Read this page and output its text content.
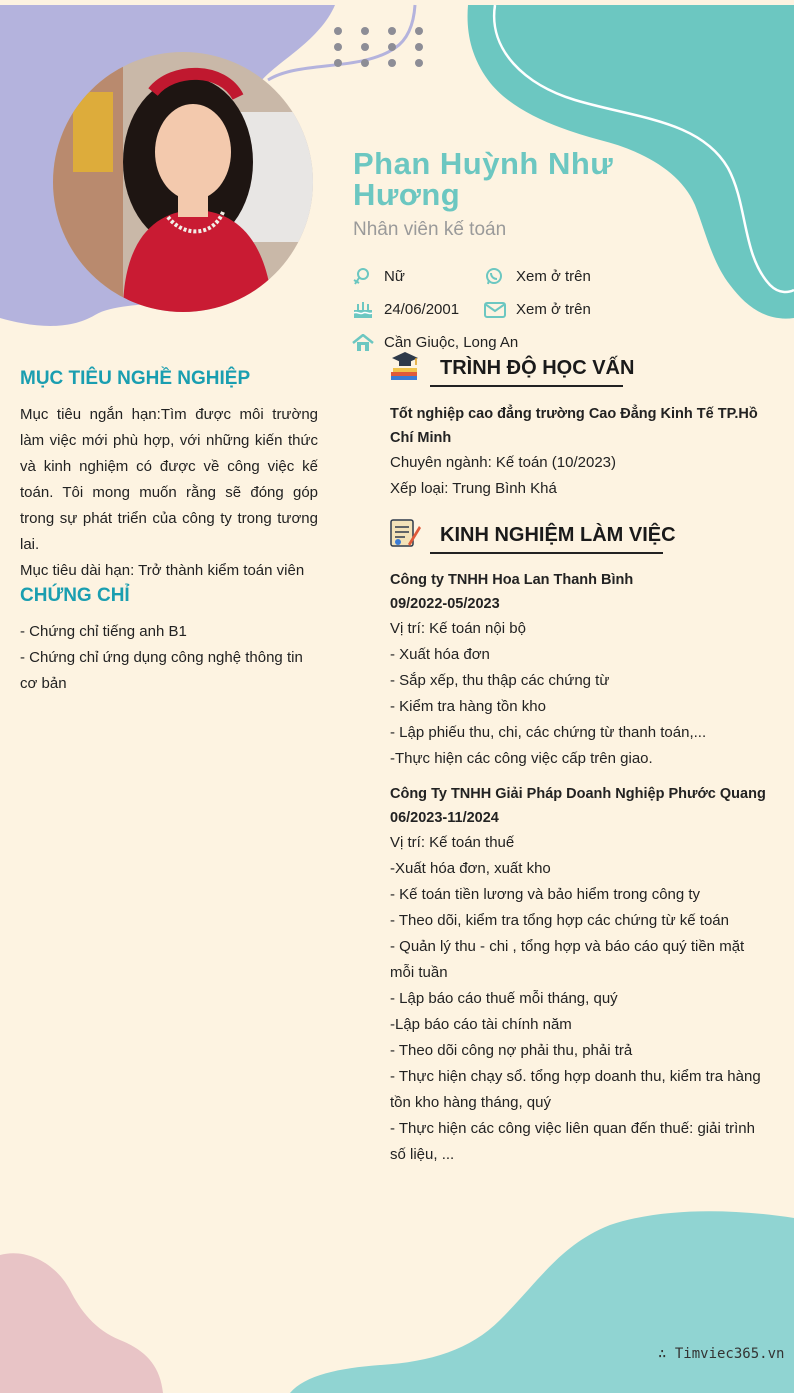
Phan Huỳnh Như
Hương
Nhân viên kế toán
Nữ	Xem ở trên
24/06/2001	Xem ở trên
Cần Giuộc, Long An
MỤC TIÊU NGHỀ NGHIỆP

Mục tiêu ngắn hạn:Tìm được môi trường làm việc mới phù hợp, với những kiến thức và kinh nghiệm có được về công việc kế toán. Tôi mong muốn rằng sẽ đóng góp trong sự phát triển của công ty trong tương lai.

Mục tiêu dài hạn: Trở thành kiểm toán viên

CHỨNG CHỈ

- Chứng chỉ tiếng anh B1

- Chứng chỉ ứng dụng công nghệ thông tin cơ bản

TRÌNH ĐỘ HỌC VẤN

Tốt nghiệp cao đẳng trường Cao Đẳng Kinh Tế TP.Hồ Chí Minh

Chuyên ngành: Kế toán (10/2023)

Xếp loại: Trung Bình Khá

KINH NGHIỆM LÀM VIỆC

Công ty TNHH Hoa Lan Thanh Bình

09/2022-05/2023

Vị trí: Kế toán nội bộ

- Xuất hóa đơn

- Sắp xếp, thu thập các chứng từ

- Kiểm tra hàng tồn kho

- Lập phiếu thu, chi, các chứng từ thanh toán,...

-Thực hiện các công việc cấp trên giao.

Công Ty TNHH Giải Pháp Doanh Nghiệp Phước Quang

06/2023-11/2024

Vị trí: Kế toán thuế

-Xuất hóa đơn, xuất kho

- Kế toán tiền lương và bảo hiểm trong công ty

- Theo dõi, kiểm tra tổng hợp các chứng từ kế toán

- Quản lý thu - chi , tổng hợp và báo cáo quý tiền mặt mỗi tuần

- Lập báo cáo thuế mỗi tháng, quý

-Lập báo cáo tài chính năm

- Theo dõi công nợ phải thu, phải trả

- Thực hiện chạy sổ. tổng hợp doanh thu, kiểm tra hàng tồn kho hàng tháng, quý

- Thực hiện các công việc liên quan đến thuế: giải trình số liệu, ...

∴ Timviec365.vn
